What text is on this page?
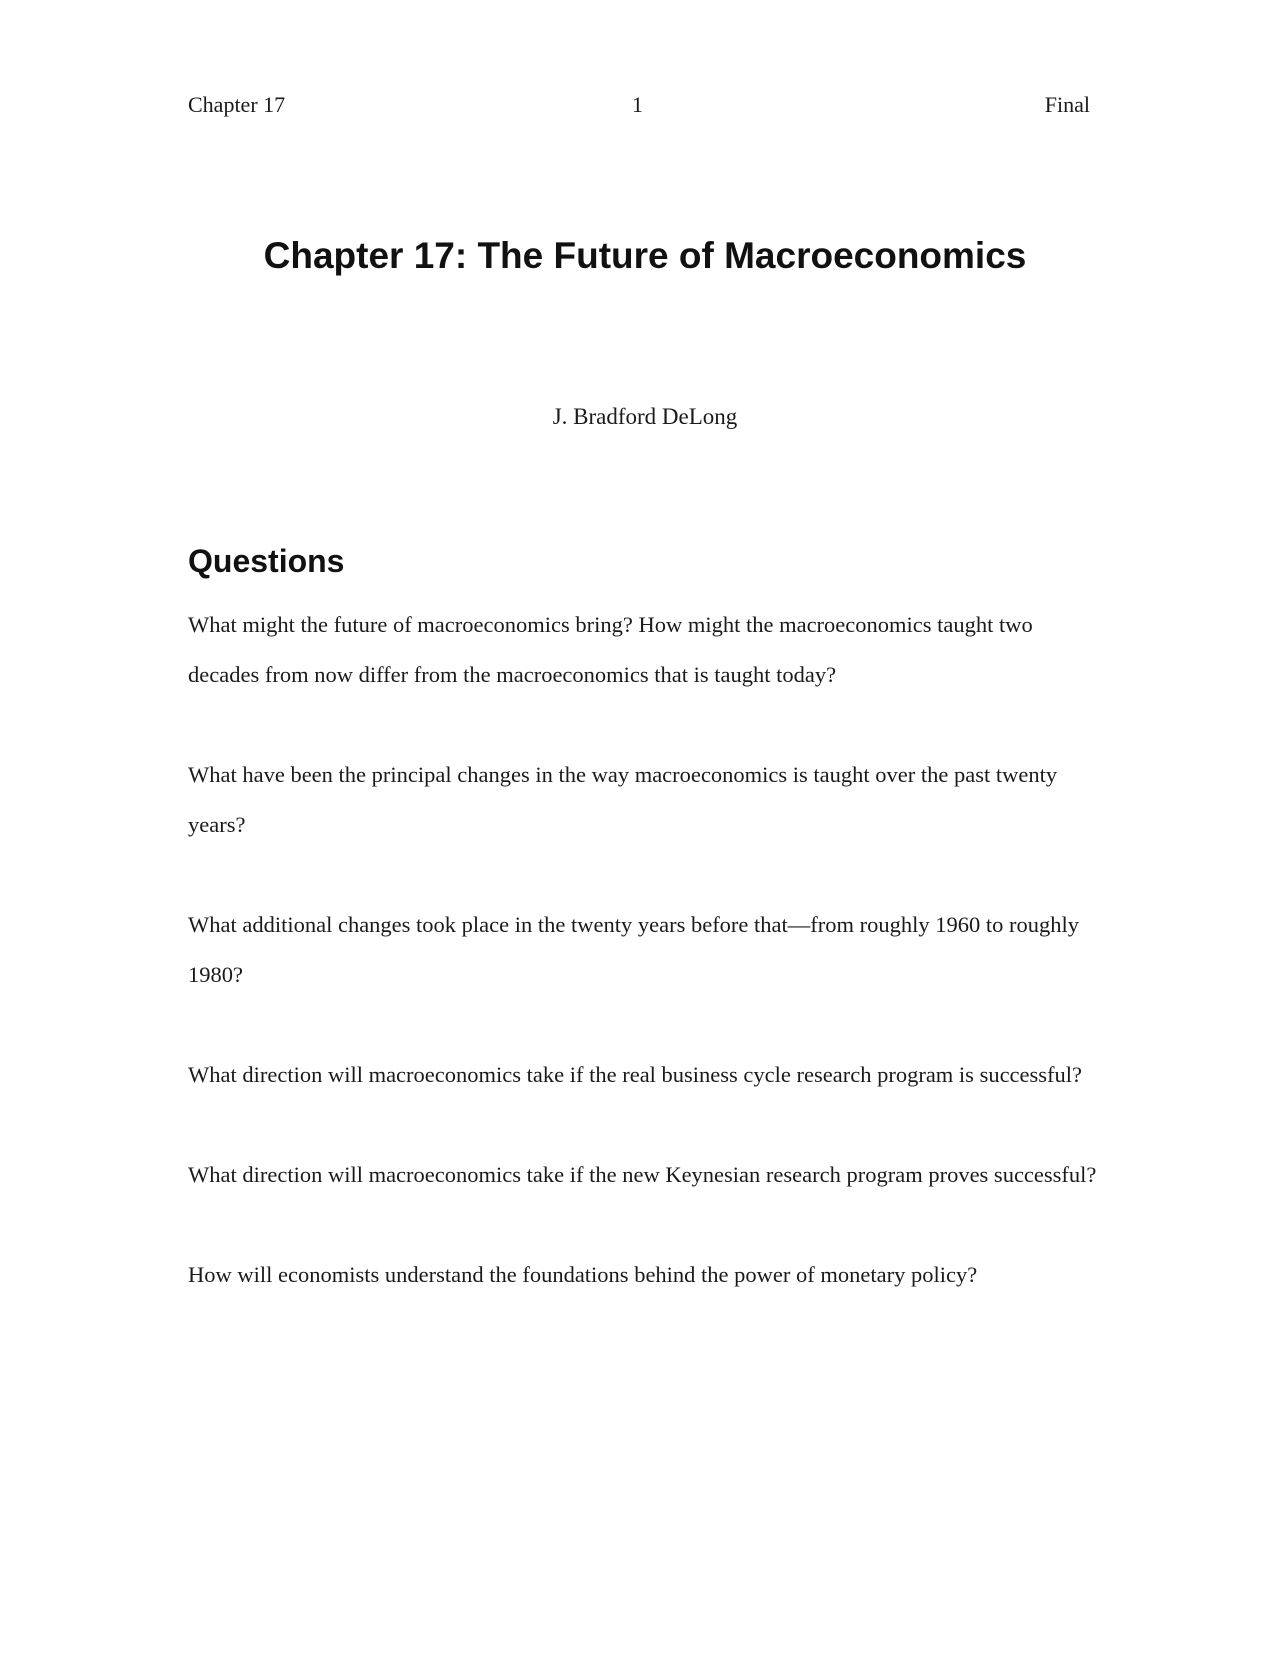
Chapter 17	1	Final
Chapter 17: The Future of Macroeconomics
J. Bradford DeLong
Questions

What might the future of macroeconomics bring? How might the macroeconomics taught two decades from now differ from the macroeconomics that is taught today?

What have been the principal changes in the way macroeconomics is taught over the past twenty years?

What additional changes took place in the twenty years before that—from roughly 1960 to roughly 1980?

What direction will macroeconomics take if the real business cycle research program is successful?

What direction will macroeconomics take if the new Keynesian research program proves successful?

How will economists understand the foundations behind the power of monetary policy?
